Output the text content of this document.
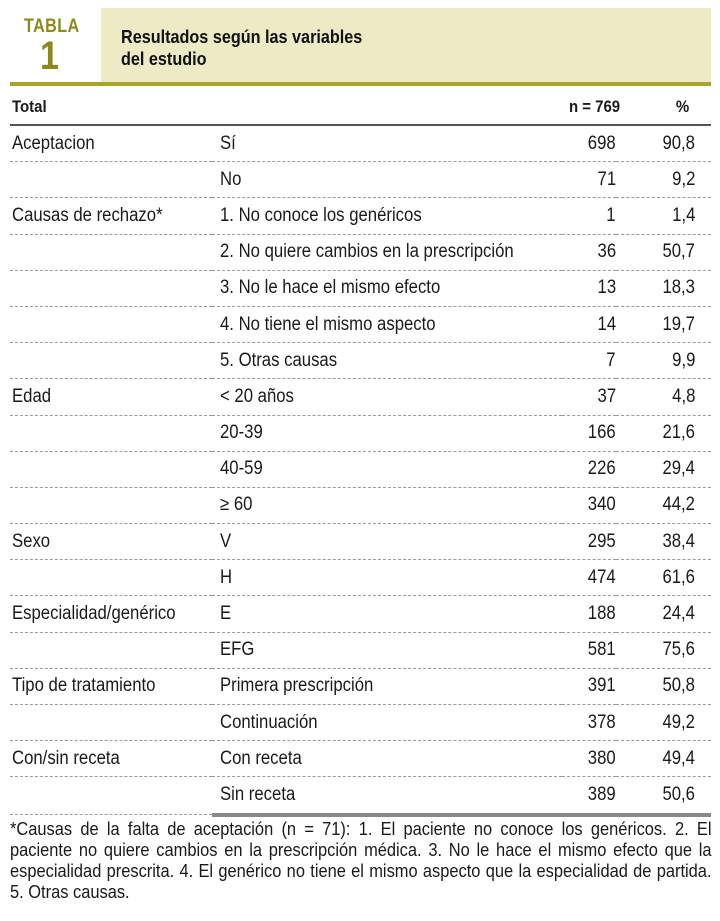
TABLA
1	Resultados según las variables
del estudio
Total		n = 769	%
Aceptacion	Sí	698	90,8
	No	71	9,2
Causas de rechazo*	1. No conoce los genéricos	1	1,4
	2. No quiere cambios en la prescripción	36	50,7
	3. No le hace el mismo efecto	13	18,3
	4. No tiene el mismo aspecto	14	19,7
	5. Otras causas	7	9,9
Edad	< 20 años	37	4,8
	20-39	166	21,6
	40-59	226	29,4
	≥ 60	340	44,2
Sexo	V	295	38,4
	H	474	61,6
Especialidad/genérico	E	188	24,4
	EFG	581	75,6
Tipo de tratamiento	Primera prescripción	391	50,8
	Continuación	378	49,2
Con/sin receta	Con receta	380	49,4
	Sin receta	389	50,6
*Causas de la falta de aceptación (n = 71): 1. El paciente no conoce los genéricos. 2. El paciente no quiere cambios en la prescripción médica. 3. No le hace el mismo efecto que la especialidad prescrita. 4. El genérico no tiene el mismo aspecto que la especialidad de partida. 5. Otras causas.
